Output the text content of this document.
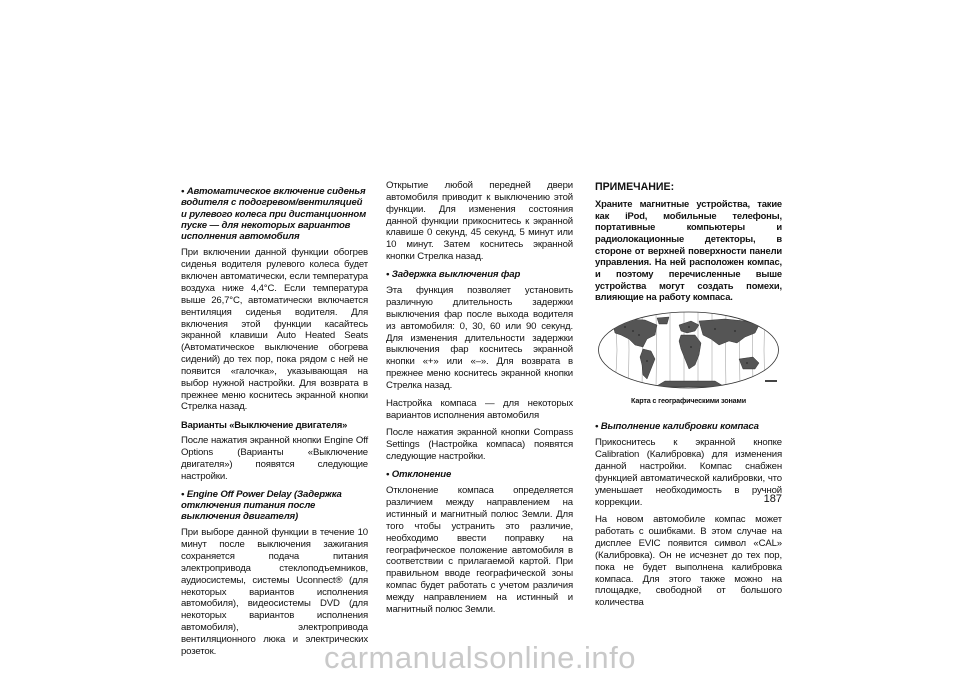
• Автоматическое включение сиденья водителя с подогревом/вентиляцией и рулевого колеса при дистанционном пуске — для некоторых вариантов исполнения автомобиля
При включении данной функции обогрев сиденья водителя рулевого колеса будет включен автоматически, если температура воздуха ниже 4,4°С. Если температура выше 26,7°С, автоматически включается вентиляция сиденья водителя. Для включения этой функции касайтесь экранной клавиши Auto Heated Seats (Автоматическое выключение обогрева сидений) до тех пор, пока рядом с ней не появится «галочка», указывающая на выбор нужной настройки. Для возврата в прежнее меню коснитесь экранной кнопки Стрелка назад.
Варианты «Выключение двигателя»
После нажатия экранной кнопки Engine Off Options (Варианты «Выключение двигателя») появятся следующие настройки.
• Engine Off Power Delay (Задержка отключения питания после выключения двигателя)
При выборе данной функции в течение 10 минут после выключения зажигания сохраняется подача питания электропривода стеклоподъемников, аудиосистемы, системы Uconnect® (для некоторых вариантов исполнения автомобиля), видеосистемы DVD (для некоторых вариантов исполнения автомобиля), электропривода вентиляционного люка и электрических розеток.
Открытие любой передней двери автомобиля приводит к выключению этой функции. Для изменения состояния данной функции прикоснитесь к экранной клавише 0 секунд, 45 секунд, 5 минут или 10 минут. Затем коснитесь экранной кнопки Стрелка назад.
• Задержка выключения фар
Эта функция позволяет установить различную длительность задержки выключения фар после выхода водителя из автомобиля: 0, 30, 60 или 90 секунд. Для изменения длительности задержки выключения фар коснитесь экранной кнопки «+» или «–». Для возврата в прежнее меню коснитесь экранной кнопки Стрелка назад.
Настройка компаса — для некоторых вариантов исполнения автомобиля
После нажатия экранной кнопки Compass Settings (Настройка компаса) появятся следующие настройки.
• Отклонение
Отклонение компаса определяется различием между направлением на истинный и магнитный полюс Земли. Для того чтобы устранить это различие, необходимо ввести поправку на географическое положение автомобиля в соответствии с прилагаемой картой. При правильном вводе географической зоны компас будет работать с учетом различия между направлением на истинный и магнитный полюс Земли.
ПРИМЕЧАНИЕ:
Храните магнитные устройства, такие как iPod, мобильные телефоны, портативные компьютеры и радиолокационные детекторы, в стороне от верхней поверхности панели управления. На ней расположен компас, и поэтому перечисленные выше устройства могут создать помехи, влияющие на работу компаса.
Карта с географическими зонами
• Выполнение калибровки компаса
Прикоснитесь к экранной кнопке Calibration (Калибровка) для изменения данной настройки. Компас снабжен функцией автоматической калибровки, что уменьшает необходимость в ручной коррекции.
На новом автомобиле компас может работать с ошибками. В этом случае на дисплее EVIC появится символ «CAL» (Калибровка). Он не исчезнет до тех пор, пока не будет выполнена калибровка компаса. Для этого также можно на площадке, свободной от большого количества
187
carmanualsonline.info
